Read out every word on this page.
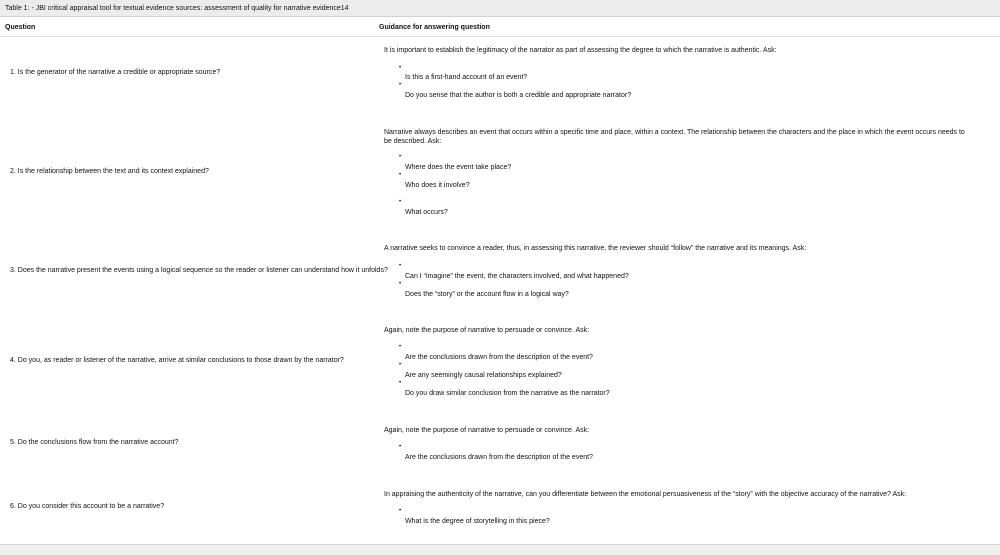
Table 1: - JBI critical appraisal tool for textual evidence sources: assessment of quality for narrative evidence14
Question	Guidance for answering question
1. Is the generator of the narrative a credible or appropriate source?
It is important to establish the legitimacy of the narrator as part of assessing the degree to which the narrative is authentic. Ask:
•
Is this a first-hand account of an event?
•
Do you sense that the author is both a credible and appropriate narrator?
2. Is the relationship between the text and its context explained?
Narrative always describes an event that occurs within a specific time and place, within a context. The relationship between the characters and the place in which the event occurs needs to be described. Ask:
•
Where does the event take place?
•
Who does it involve?
•
What occurs?
3. Does the narrative present the events using a logical sequence so the reader or listener can understand how it unfolds?
A narrative seeks to convince a reader, thus, in assessing this narrative, the reviewer should “follow” the narrative and its meanings. Ask:
•
Can I “imagine” the event, the characters involved, and what happened?
•
Does the “story” or the account flow in a logical way?
4. Do you, as reader or listener of the narrative, arrive at similar conclusions to those drawn by the narrator?
Again, note the purpose of narrative to persuade or convince. Ask:
•
Are the conclusions drawn from the description of the event?
•
Are any seemingly causal relationships explained?
•
Do you draw similar conclusion from the narrative as the narrator?
5. Do the conclusions flow from the narrative account?
Again, note the purpose of narrative to persuade or convince. Ask:
•
Are the conclusions drawn from the description of the event?
6. Do you consider this account to be a narrative?
In appraising the authenticity of the narrative, can you differentiate between the emotional persuasiveness of the “story” with the objective accuracy of the narrative? Ask:
•
What is the degree of storytelling in this piece?
